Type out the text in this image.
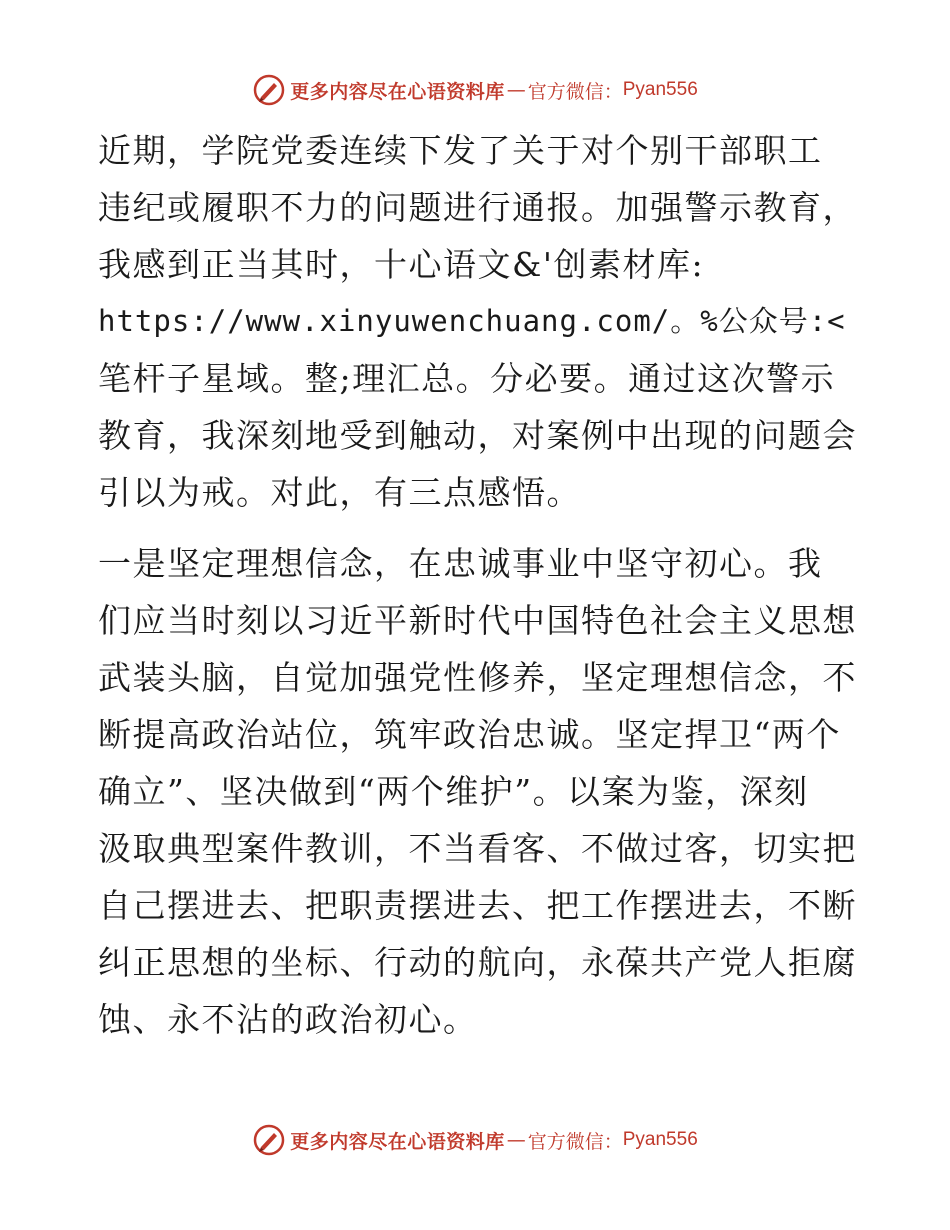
更多内容尽在心语资料库 — 官方微信： Pyan556
近期，学院党委连续下发了关于对个别干部职工
违纪或履职不力的问题进行通报。加强警示教育，
我感到正当其时，十心语文&'创素材库:
https://www.xinyuwenchuang.com/。%公众号:<
笔杆子星域。整;理汇总。分必要。通过这次警示
教育，我深刻地受到触动，对案例中出现的问题会
引以为戒。对此，有三点感悟。
一是坚定理想信念，在忠诚事业中坚守初心。我
们应当时刻以习近平新时代中国特色社会主义思想
武装头脑，自觉加强党性修养，坚定理想信念，不
断提高政治站位，筑牢政治忠诚。坚定捍卫“两个
确立”、坚决做到“两个维护”。以案为鉴，深刻
汲取典型案件教训，不当看客、不做过客，切实把
自己摆进去、把职责摆进去、把工作摆进去，不断
纠正思想的坐标、行动的航向，永葆共产党人拒腐
蚀、永不沾的政治初心。
更多内容尽在心语资料库 — 官方微信： Pyan556
